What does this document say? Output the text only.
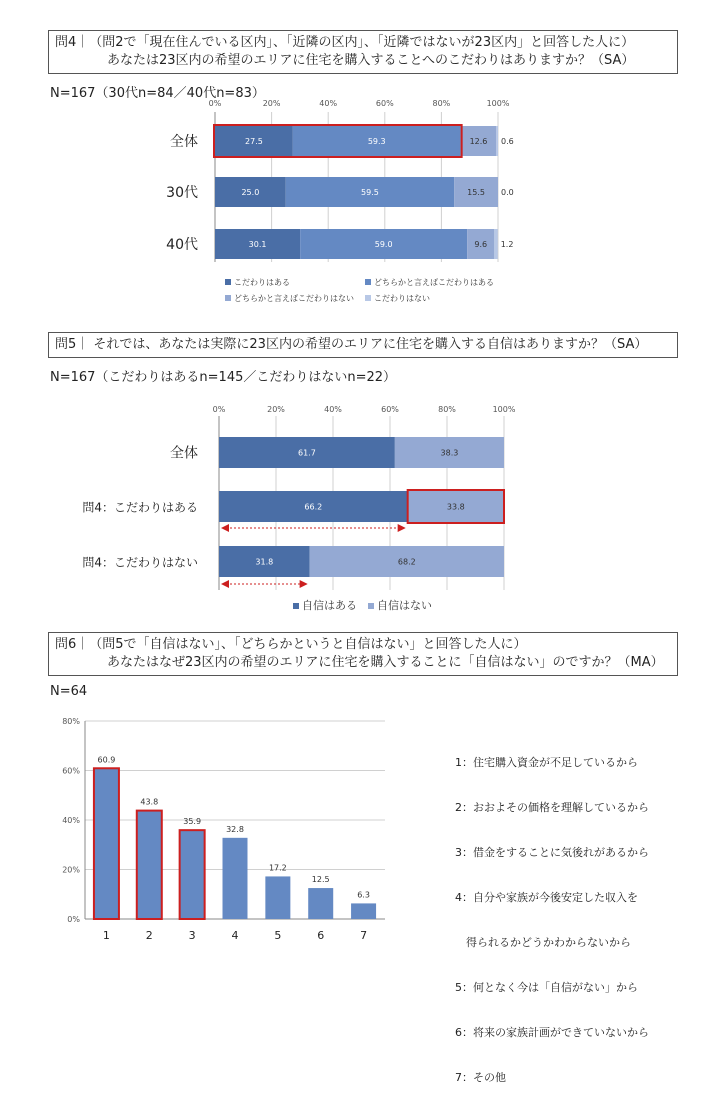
問4｜（問2で「現在住んでいる区内」、「近隣の区内」、「近隣ではないが23区内」と回答した人に）
あなたは23区内の希望のエリアに住宅を購入することへのこだわりはありますか？（SA）
N=167（30代n=84／40代n=83）
問5｜ それでは、あなたは実際に23区内の希望のエリアに住宅を購入する自信はありますか？（SA）
N=167（こだわりはあるn=145／こだわりはないn=22）
問6｜（問5で「自信はない」、「どちらかというと自信はない」と回答した人に）
あなたはなぜ23区内の希望のエリアに住宅を購入することに「自信はない」のですか？（MA）
N=64

1：住宅購入資金が不足しているから

2：おおよその価格を理解しているから

3：借金をすることに気後れがあるから

4：自分や家族が今後安定した収入を

　得られるかどうかわからないから

5：何となく今は「自信がない」から

6：将来の家族計画ができていないから

7：その他

0%	20%	40%	60%	80%	100%
全体	27.5	59.3	12.6 0.6
30代	25.0	59.5	15.5 0.0
40代	30.1	59.0	9.6 1.2
こだわりはある	どちらかと言えばこだわりはある
どちらかと言えばこだわりはない	こだわりはない
0%	20%	40%	60%	80%	100%
全体	61.7	38.3
問4：こだわりはある	66.2	33.8
問4：こだわりはない	31.8	68.2
自信はある 自信はない
0%
20%
40%
60%
80%
60.9
1
43.8
2
35.9
3
32.8
4
17.2
5
12.5
6
6.3
7
